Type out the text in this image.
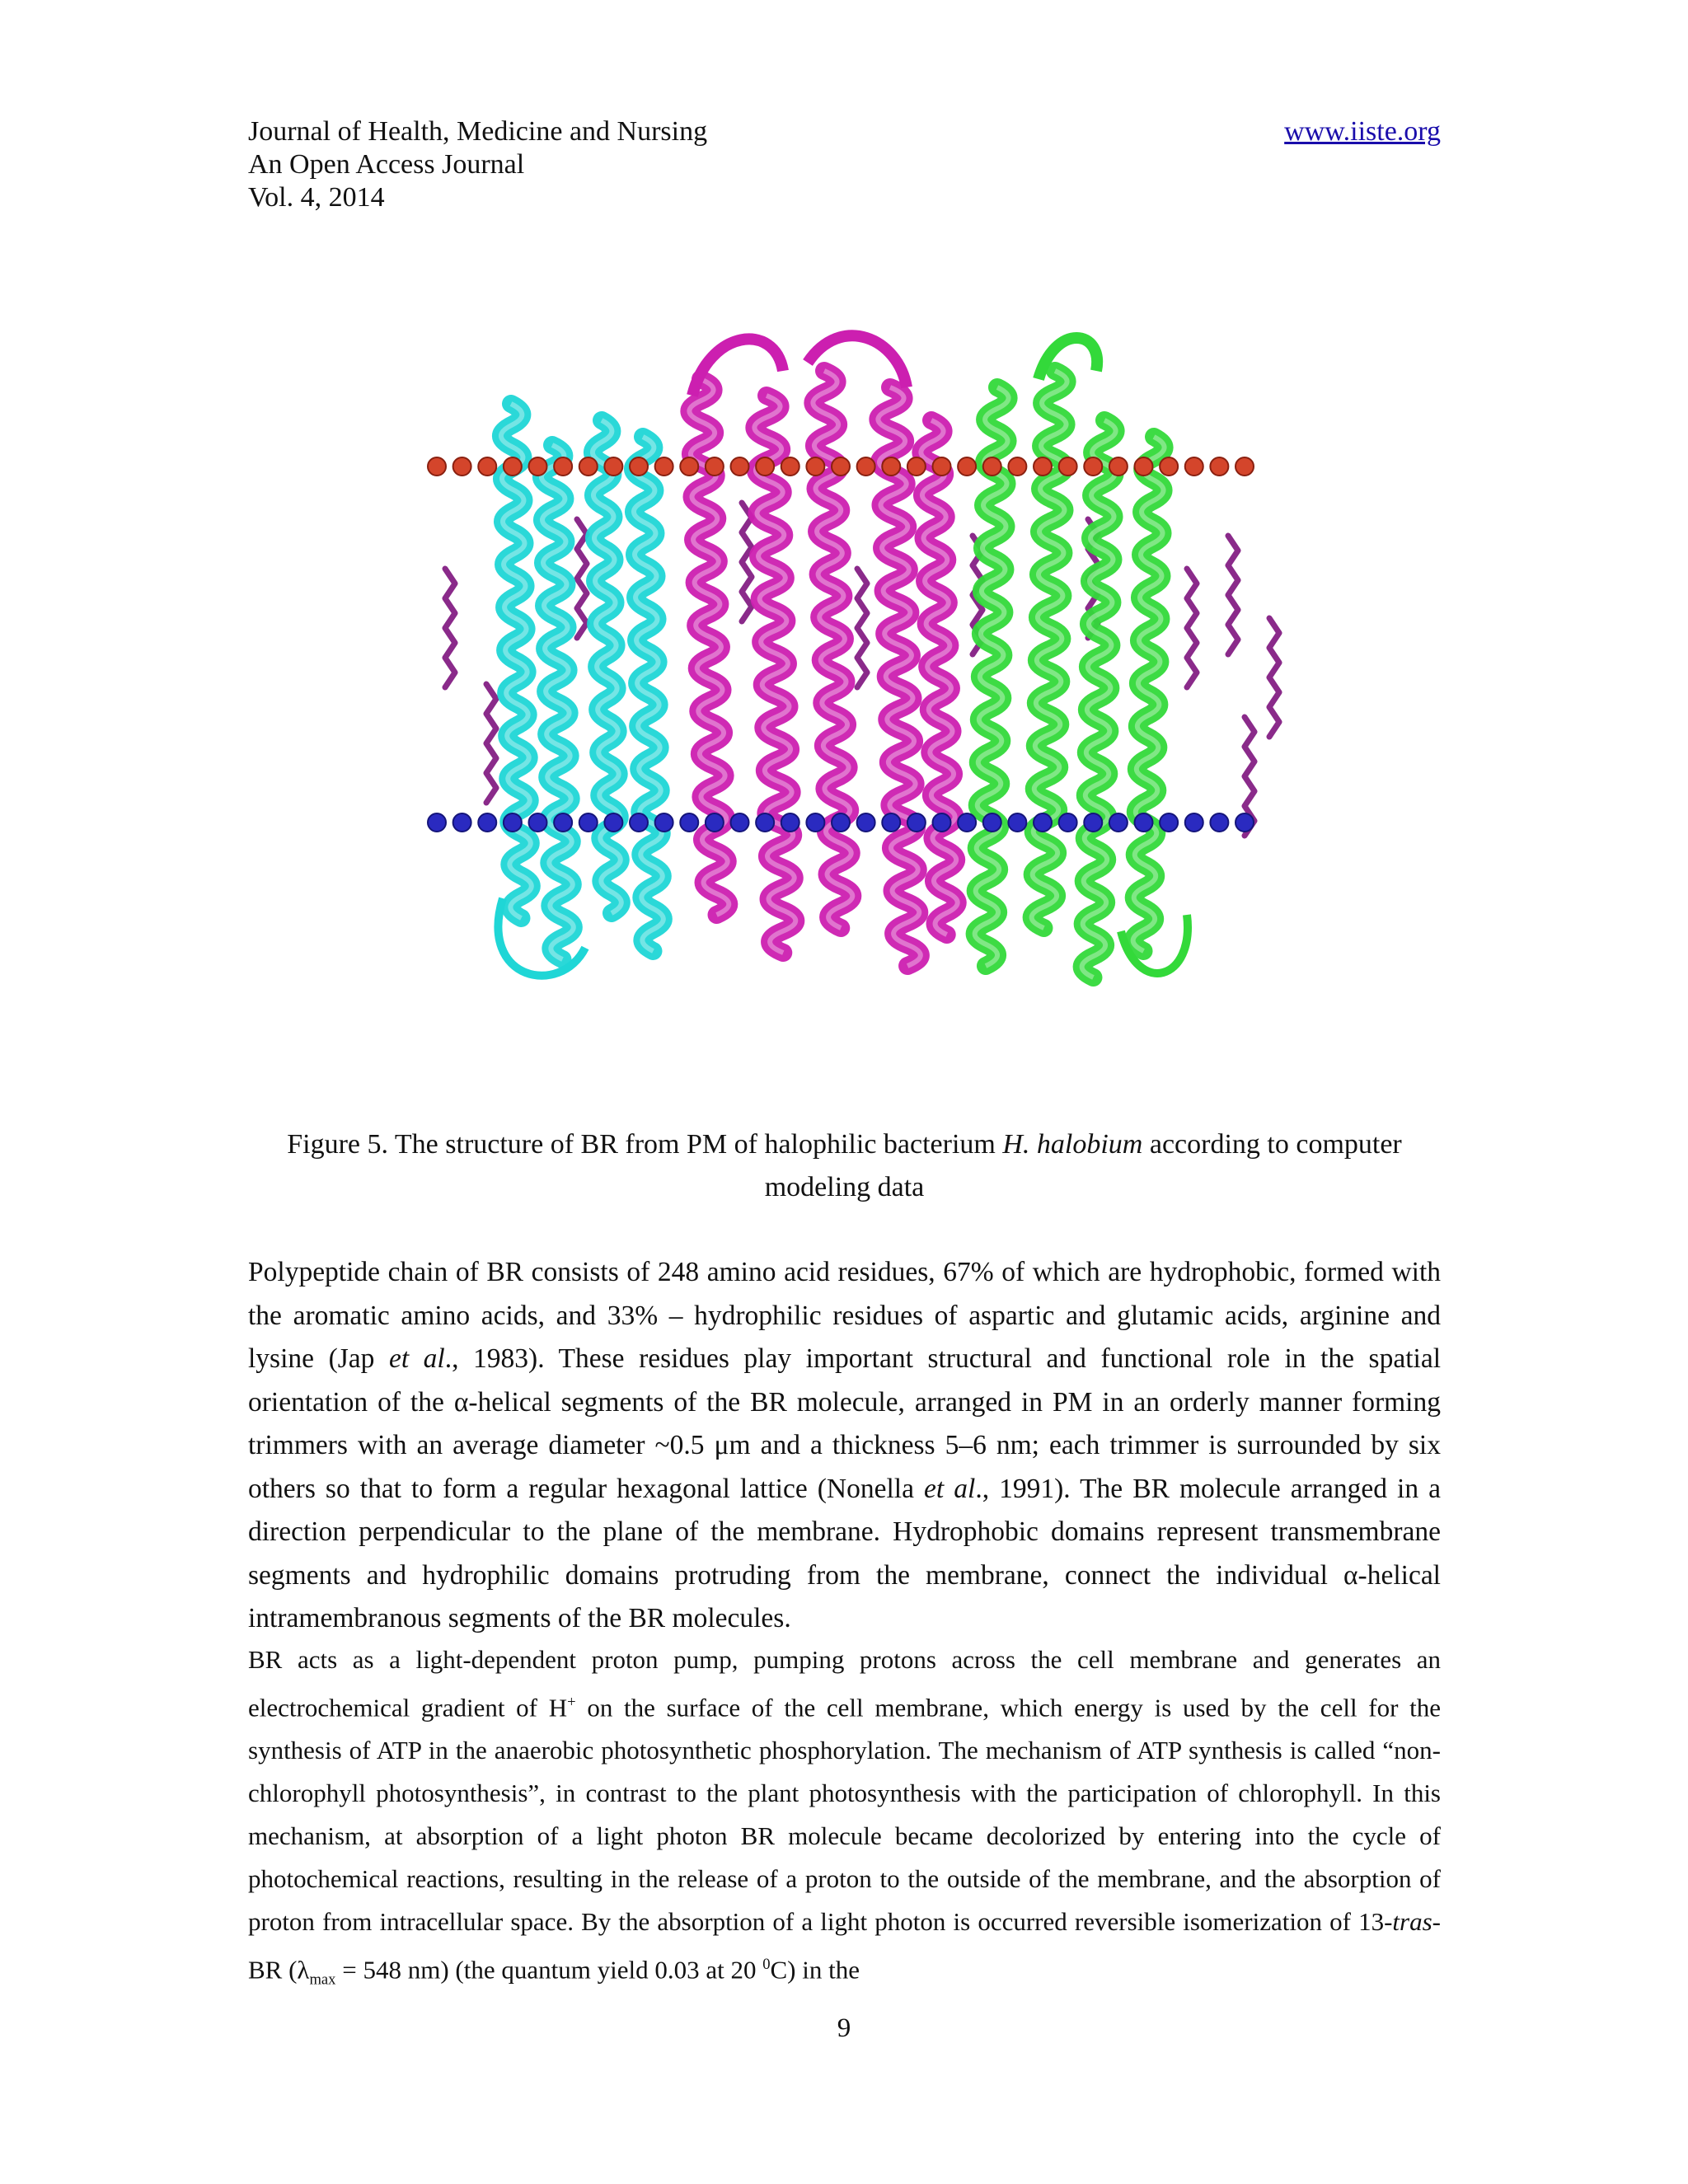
Journal of Health, Medicine and Nursing
An Open Access Journal
Vol. 4, 2014
www.iiste.org
Figure 5. The structure of BR from PM of halophilic bacterium H. halobium according to computer modeling data
Polypeptide chain of BR consists of 248 amino acid residues, 67% of which are hydrophobic, formed with the aromatic amino acids, and 33% – hydrophilic residues of aspartic and glutamic acids, arginine and lysine (Jap et al., 1983). These residues play important structural and functional role in the spatial orientation of the α-helical segments of the BR molecule, arranged in PM in an orderly manner forming trimmers with an average diameter ~0.5 μm and a thickness 5–6 nm; each trimmer is surrounded by six others so that to form a regular hexagonal lattice (Nonella et al., 1991). The BR molecule arranged in a direction perpendicular to the plane of the membrane. Hydrophobic domains represent transmembrane segments and hydrophilic domains protruding from the membrane, connect the individual α-helical intramembranous segments of the BR molecules.
BR acts as a light-dependent proton pump, pumping protons across the cell membrane and generates an electrochemical gradient of H+ on the surface of the cell membrane, which energy is used by the cell for the synthesis of ATP in the anaerobic photosynthetic phosphorylation. The mechanism of ATP synthesis is called “non-chlorophyll photosynthesis”, in contrast to the plant photosynthesis with the participation of chlorophyll. In this mechanism, at absorption of a light photon BR molecule became decolorized by entering into the cycle of photochemical reactions, resulting in the release of a proton to the outside of the membrane, and the absorption of proton from intracellular space. By the absorption of a light photon is occurred reversible isomerization of 13-tras-BR ($\lambda_{max} = 548$ nm) (the quantum yield 0.03 at 20 $^0$C) in the
9
